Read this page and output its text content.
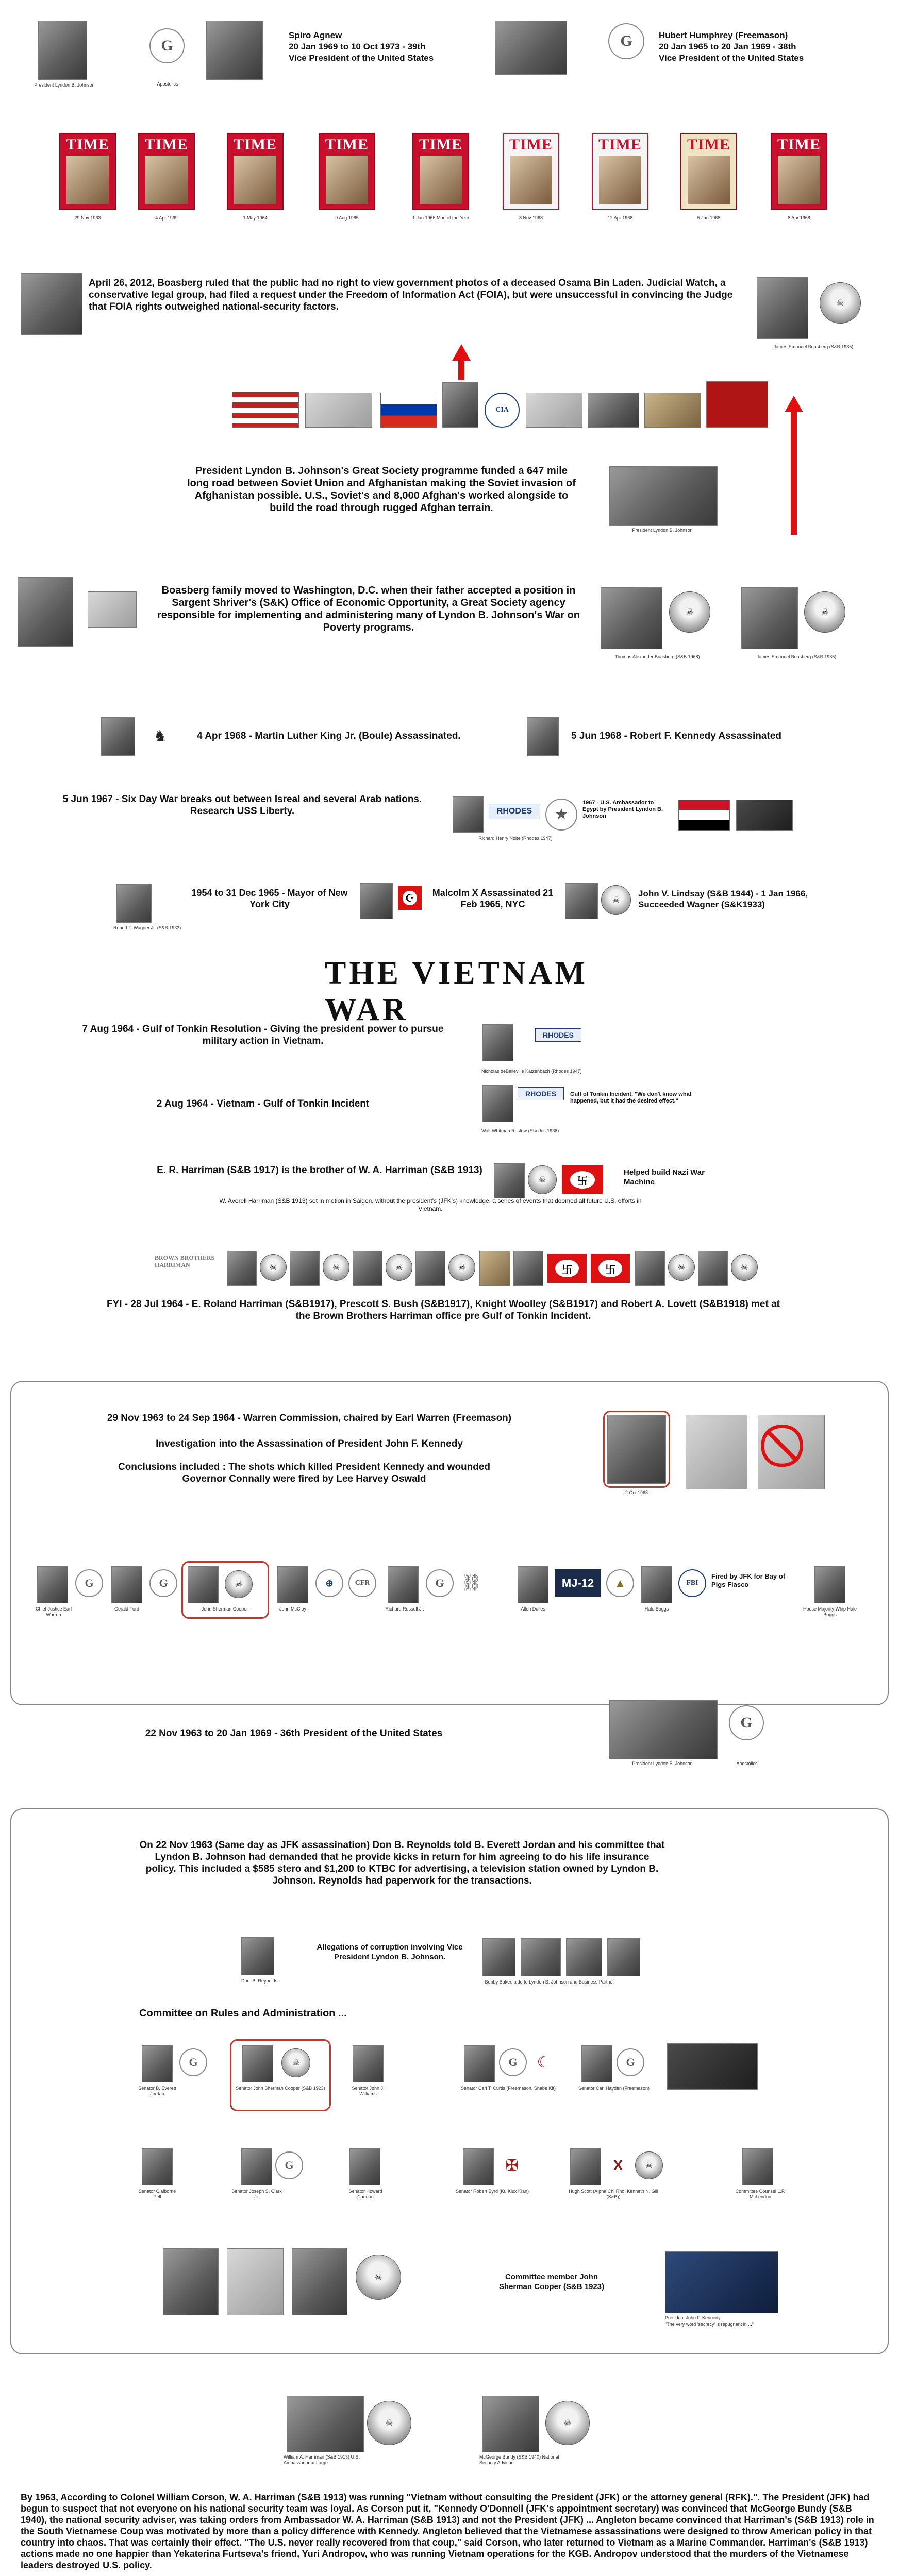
President Lyndon B. Johnson
G
Apostolics
Spiro Agnew
20 Jan 1969 to 10 Oct 1973 - 39th
Vice President of the United States
G	Hubert Humphrey (Freemason)
20 Jan 1965 to 20 Jan 1969 - 38th
Vice President of the United States
TIME
29 Nov 1963
TIME
4 Apr 1969
TIME
1 May 1964
TIME
9 Aug 1965
TIME
1 Jan 1965 Man of the Year
TIME
8 Nov 1968
TIME
12 Apr 1968
TIME
5 Jan 1968
TIME
8 Apr 1968
April 26, 2012, Boasberg ruled that the public had no right to view government photos of a deceased Osama Bin Laden. Judicial Watch, a conservative legal group, had filed a request under the Freedom of Information Act (FOIA), but were unsuccessful in convincing the Judge that FOIA rights outweighed national-security factors.	☠
James Emanuel Boasberg (S&B 1985)
CIA
President Lyndon B. Johnson's Great Society programme funded a 647 mile long road between Soviet Union and Afghanistan making the Soviet invasion of Afghanistan possible. U.S., Soviet's and 8,000 Afghan's worked alongside to build the road through rugged Afghan terrain.
President Lyndon B. Johnson
Boasberg family moved to Washington, D.C. when their father accepted a position in Sargent Shriver's (S&K) Office of Economic Opportunity, a Great Society agency responsible for implementing and administering many of Lyndon B. Johnson's War on Poverty programs.
☠
Thomas Alexander Boasberg (S&B 1968)
☠
James Emanuel Boasberg (S&B 1985)
♞	4 Apr 1968 - Martin Luther King Jr. (Boule) Assassinated.	5 Jun 1968 - Robert F. Kennedy Assassinated
5 Jun 1967 - Six Day War breaks out between Isreal and several Arab nations. Research USS Liberty.	RHODES	★
1967 - U.S. Ambassador to Egypt by President Lyndon B. Johnson
Richard Henry Nolte (Rhodes 1947)
Robert F. Wagner Jr. (S&B 1933)
1954 to 31 Dec 1965 - Mayor of New York City
☪	Malcolm X Assassinated 21 Feb 1965, NYC	☠
John V. Lindsay (S&B 1944) - 1 Jan 1966, Succeeded Wagner (S&K1933)
THE VIETNAM WAR
7 Aug 1964 - Gulf of Tonkin Resolution - Giving the president power to pursue military action in Vietnam.
2 Aug 1964 - Vietnam - Gulf of Tonkin Incident
RHODES
Nicholas deBelleville Katzenbach (Rhodes 1947)
RHODES	Gulf of Tonkin Incident, "We don't know what happened, but it had the desired effect."
Walt Whitman Rostow (Rhodes 1938)
E. R. Harriman (S&B 1917) is the brother of W. A. Harriman (S&B 1913)
☠	卐
Helped build Nazi War Machine
W. Averell Harriman (S&B 1913) set in motion in Saigon, without the president's (JFK's) knowledge, a series of events that doomed all future U.S. efforts in Vietnam.
BROWN BROTHERS HARRIMAN	☠	☠	☠	☠	卐	卐	☠	☠
FYI - 28 Jul 1964 - E. Roland Harriman (S&B1917), Prescott S. Bush (S&B1917), Knight Woolley (S&B1917) and Robert A. Lovett (S&B1918) met at the Brown Brothers Harriman office pre Gulf of Tonkin Incident.
29 Nov 1963 to 24 Sep 1964 - Warren Commission, chaired by Earl Warren (Freemason)
Investigation into the Assassination of President John F. Kennedy
Conclusions included : The shots which killed President Kennedy and wounded Governor Connally were fired by Lee Harvey Oswald
2 Oct 1968
Chief Justice Earl Warren
G
Gerald Ford
G	☠
John Sherman Cooper	John McCloy
⊕	CFR
Richard Russell Jr.
G	⛓
Allen Dulles
MJ-12	▲
Hale Boggs
FBI
Fired by JFK for Bay of Pigs Fiasco
House Majority Whip Hale Boggs
22 Nov 1963 to 20 Jan 1969 - 36th President of the United States
President Lyndon B. Johnson
G
Apostolics
On 22 Nov 1963 (Same day as JFK assassination) Don B. Reynolds told B. Everett Jordan and his committee that Lyndon B. Johnson had demanded that he provide kicks in return for him agreeing to do his life insurance policy. This included a $585 stero and $1,200 to KTBC for advertising, a television station owned by Lyndon B. Johnson. Reynolds had paperwork for the transactions.
Don. B. Reynolds
Allegations of corruption involving Vice President Lyndon B. Johnson.
Bobby Baker, aide to Lyndon B. Johnson and Business Partner
Committee on Rules and Administration ...
Senator B. Everett Jordan
G	☠
Senator John Sherman Cooper (S&B 1923)	Senator John J. Williams
G	☾
Senator Carl T. Curtis (Freemason, Shabe Kit)
G
Senator Carl Hayden (Freemason)
Senator Claiborne Pell
G
Senator Joseph S. Clark Jr.
Senator Howard Cannon
✠
Senator Robert Byrd (Ku Klux Klan)
Χ	☠
Hugh Scott (Alpha Chi Rho, Kenneth N. Gill (S&B))
Committee Counsel L.P. McLendon
☠	Committee member John Sherman Cooper (S&B 1923)
President John F. Kennedy
"The very word 'secrecy' is repugnant in ..."
☠
William A. Harriman (S&B 1913) U.S. Ambassador at Large
☠
McGeorge Bundy (S&B 1940) National Security Advisor
By 1963, According to Colonel William Corson, W. A. Harriman (S&B 1913) was running "Vietnam without consulting the President (JFK) or the attorney general (RFK).". The President (JFK) had begun to suspect that not everyone on his national security team was loyal. As Corson put it, "Kennedy O'Donnell (JFK's appointment secretary) was convinced that McGeorge Bundy (S&B 1940), the national security adviser, was taking orders from Ambassador W. A. Harriman (S&B 1913) and not the President (JFK) ... Angleton became convinced that Harriman's (S&B 1913) role in the South Vietnamese Coup was motivated by more than a policy difference with Kennedy. Angleton believed that the Vietnamese assassinations were designed to throw American policy in that country into chaos. That was certainly their effect. "The U.S. never really recovered from that coup," said Corson, who later returned to Vietnam as a Marine Commander. Harriman's (S&B 1913) actions made no one happier than Yekaterina Furtseva's friend, Yuri Andropov, who was running Vietnam operations for the KGB. Andropov understood that the murders of the Vietnamese leaders destroyed U.S. policy.
